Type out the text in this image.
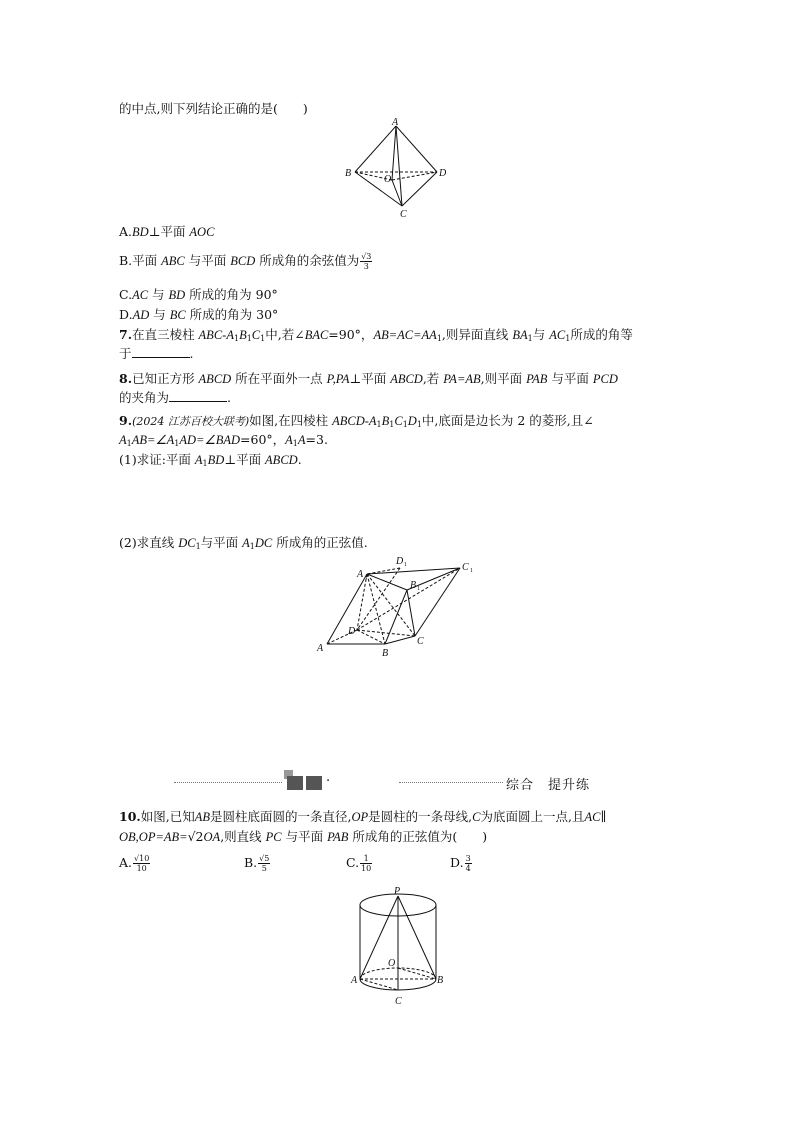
的中点,则下列结论正确的是(　　)
A
B
C
D
O
A.BD⊥平面 AOC
B.平面 ABC 与平面 BCD 所成角的余弦值为 $\frac{√3}{3}$
C.AC 与 BD 所成的角为 90°
D.AD 与 BC 所成的角为 30°
7.在直三棱柱 ABC-$A_1B_1C_1$中,若∠BAC=90°，$AB=AC=AA_1$,则异面直线 $BA_1$与 $AC_1$所成的角等
于	.
8.已知正方形 ABCD 所在平面外一点 P,PA⊥平面 ABCD,若 PA=AB,则平面 PAB 与平面 PCD
的夹角为	.
9.(2024 江苏百校大联考)如图,在四棱柱 ABCD-$A_1B_1C_1D_1$中,底面是边长为 2 的菱形,且∠
$A_1AB=\angle A_1AD=\angle BAD=60^\circ$，$A_1A=3$.
(1)求证:平面 $A_1BD\perp$平面 ABCD.
(2)求直线 $DC_1$与平面 $A_1DC$ 所成角的正弦值.
A 1
D 1	C 1
B 1
A
D
B
C
·	综合　提升练
10.如图,已知AB是圆柱底面圆的一条直径,OP是圆柱的一条母线,C为底面圆上一点,且AC∥
OB,OP=AB=√2OA,则直线 PC 与平面 PAB 所成角的正弦值为(　　)
A. $\frac{√10}{10}$	B. $\frac{√5}{5}$	C. $\frac{1}{10}$	D. $\frac{3}{4}$
P
O
A	B
C
